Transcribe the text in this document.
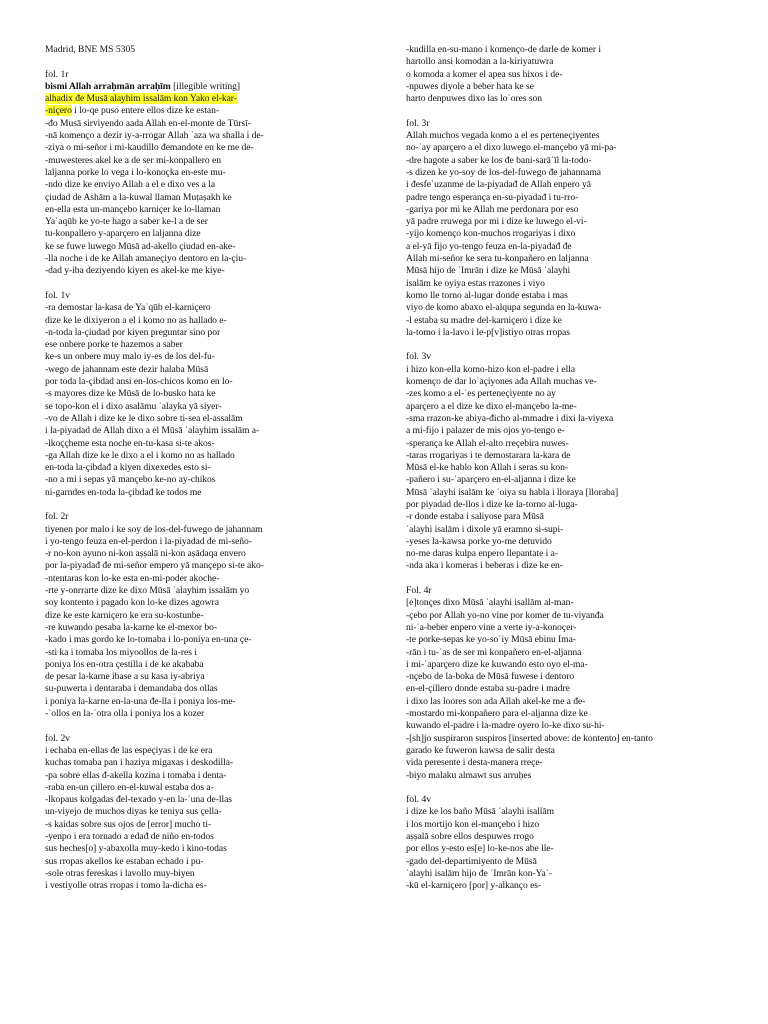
Madrid, BNE MS 5305
fol. 1r
bismi Allah arraḥmān arraḥīm [illegible writing]
alhadix đe Musā alayhim issalām kon Yako el-kar-
-niçero i lo-qe puso entere ellos dize ke estan-
-đo Musā sirviyendo aada Allah en-el-monte de Tūrsī-
-nā komenço a dezir iy-a-rrogar Allah ʿaza wa shalla i de-
-ziya o mi-señor i mi-kaudillo đemandote en ke me de-
-muwesteres akel ke a de ser mi-konpallero en
laljanna porke lo vega i lo-konoçka en-este mu-
-ndo dize ke enviyo Allah a el e dixo ves a la
çiudad de Ashām a la-kuwal llaman Muṭaṣakh ke
en-ella esta un-mançebo karniçer ke lo-llaman
Yaʿaqūb ke yo-te hago a saber ke-l a de ser
tu-konpallero y-aparçero en laljanna dize
ke se fuwe luwego Mūsā ad-akello çiudad en-ake-
-lla noche i de ke Allah amaneçiyo dentoro en la-çiu-
-dad y-iba deziyendo kiyen es akel-ke me kiye-
fol. 1v
-ra demostar la-kasa de Yaʿqūb el-karniçero
dize ke le dixiyeron a el i komo no as hallado e-
-n-toda la-çiudad por kiyen preguntar sino por
ese onbere porke te hazemos a saber
ke-s un onbere muy malo iy-es de los del-fu-
-wego de jahannam este dezir halaba Mūsā
por toda la-çibdad ansi en-los-chicos komo en lo-
-s mayores dize ke Mūsā de lo-busko hata ke
se topo-kon el i dixo asalāmu ʿalayka yā siyer-
-vo de Allah i dize ke le dixo sobre ti-sea el-assalām
i la-piyadad de Allah dixo a el Mūsā ʿalayhim issalām a-
-lkoççheme esta noche en-tu-kasa si-te akos-
-ga Allah dize ke le dixo a el i komo no as hallado
en-toda la-çibdađ a kiyen dixexedes esto si-
-no a mi i sepas yā mançebo ke-no ay-chikos
ni-garndes en-toda la-çibdađ ke todos me
fol. 2r
tiyenen por malo i ke soy de los-del-fuwego de jahannam
i yo-tengo feuza en-el-perdon i la-piyadad de mi-seño-
-r no-kon ayuno ni-kon aṣṣalā ni-kon aṣādaqa envero
por la-piyadađ đe mi-señor empero yā mançepo si-te ako-
-ntentaras kon lo-ke esta en-mi-poder akoche-
-rte y-onrrarte dize ke dixo Mūsā ʿalayhim issalām yo
soy kontento i pagado kon lo-ke dizes agowra
dize ke este karniçero ke era su-kostunbe-
-re kuwando pesaba la-karne ke el-mexor bo-
-kado i mas gordo ke lo-tomaba i lo-poniya en-una çe-
-sti ka i tomaba los miyoollos de la-res i
poniya los en-otra çestilla i de ke akababa
de pesar la-karne ibase a su kasa iy-abriya
su-puwerta i dentaraba i demandaba dos ollas
i poniya la-karne en-la-una đe-lla i poniya los-me-
-ʿollos en la-ʿotra olla i poniya los a kozer
fol. 2v
i echaba en-ellas đe las espeçiyas i de ke era
kuchas tomaba pan i haziya migaxas i deskodilla-
-pa sobre ellas đ-akella kozina i tomaba i denta-
-raba en-un çillero en-el-kuwal estaba dos a-
-lkopaus kolgadas đel-texado y-en la-ʿuna de-llas
un-viyejo de muchos diyas ke teniya sus çella-
-s kaidas sobre sus ojos de [error] mucho ti-
-yenpo i era tornado a edađ de niño en-todos
sus heches[o] y-abaxolla muy-kedo i kino-todas
sus rropas akellos ke estaban echado i pu-
-sole otras fereskas i lavollo muy-biyen
i vestiyolle otras rropas i tomo la-dicha es-
-kudilla en-su-mano i komenço-de darle de komer i
hartollo ansi komodan a la-kiriyatuwra
o komoda a komer el apea sus hixos i de-
-npuwes diyole a beber hata ke se
harto denpuwes dixo las loʿores son
fol. 3r
Allah muchos vegada komo a el es perteneçiyentes
no-ʿay aparçero a el dixo luwego el-mançebo yā mi-pa-
-dre hagote a saber ke los đe bani-sarāʾīl la-todo-
-s dizen ke yo-soy de los-del-fuwego đe jahannama
i đesfeʿuzanme de la-piyadađ de Allah enpero yā
padre tengo esperança en-su-piyadađ i tu-rro-
-gariya por mi ke Allah me perdonara por eso
yā padre rruwega por mi i dize ke luwego el-vi-
-yijo komenço kon-muchos rrogariyas i dixo
a el-yā fijo yo-tengo feuza en-la-piyadađ đe
Allah mi-señor ke sera tu-konpañero en laljanna
Mūsā hijo de ʿImrān i dize ke Mūsā ʿalayhi
isalām ke oyiya estas rrazones i viyo
komo lle torno al-lugar donde estaba i mas
viyo de komo abaxo el-alqupa segunda en la-kuwa-
-l estaba su madre del-karniçero i dize ke
la-tomo i la-lavo i le-p[v]istiyo otras rropas
fol. 3v
i hizo kon-ella komo-hizo kon el-padre i ella
komenço de dar loʿaçiyones ađa Allah muchas ve-
-zes komo a el-ʿes perteneçiyente no ay
aparçero a el dize ke dixo el-mançebo la-me-
-sma rrazon-ke abiya-đicho al-mmadre i dixi la-viyexa
a mi-fijo i palazer de mis ojos yo-tengo e-
-sperança ke Allah el-alto rreçebira nuwes-
-taras rrogariyas i te demostarara la-kara de
Mūsā el-ke hablo kon Allah i seras su kon-
-pañero i su-ʿaparçero en-el-aljanna i dize ke
Mūsā ʿalayhi isalām ke ʿoiya su habla i lloraya [lloraba]
por piyadad de-llos i dize ke la-torno al-luga-
-r donde estaba i saliyose para Mūsā
ʿalayhi isalām i dixole yā eramno si-supi-
-yeses la-kawsa porke yo-me detuvido
no-me daras kulpa enpero llepantate i a-
-nda aka i komeras i beberas i dize ke en-
Fol. 4r
[e]tonçes dixo Mūsā ʿalayhi isallām al-man-
-çebo por Allah yo-no vine por komer de tu-viyanđa
ni-ʿa-beber enpero vine a verte iy-a-konoçer-
-te porke-sepas ke yo-soʿiy Mūsā ebinu Ima-
-rān i tu-ʿas de ser mi konpañero en-el-aljanna
i mi-ʿaparçero dize ke kuwando esto oyo el-ma-
-nçebo de la-boka de Mūsā fuwese i dentoro
en-el-çillero donde estaba su-padre i madre
i dixo las loores son ada Allah akel-ke me a đe-
-mostardo mi-konpañero para el-aljanna dize ke
kuwando el-padre i la-madre oyero lo-ke dixo su-hi-
-[sh]jo suspiraron suspiros [inserted above: de kontento] en-tanto
garado ke fuweron kawsa de salir desta
vida peresente i desta-manera rreçe-
-biyo malaku almawt sus arruḥes
fol. 4v
i dize ke los baño Mūsā ʿalayhi isallām
i los mortijo kon el-mançebo i hizo
aṣṣalā sobre ellos despuwes rrogo
por ellos y-esto es[e] lo-ke-nos abe lle-
-gado del-departimiyento de Mūsā
ʿalayhi isalām hijo đe ʿImrān kon-Yaʿ-
-kū el-karniçero [por] y-alkanço es-
